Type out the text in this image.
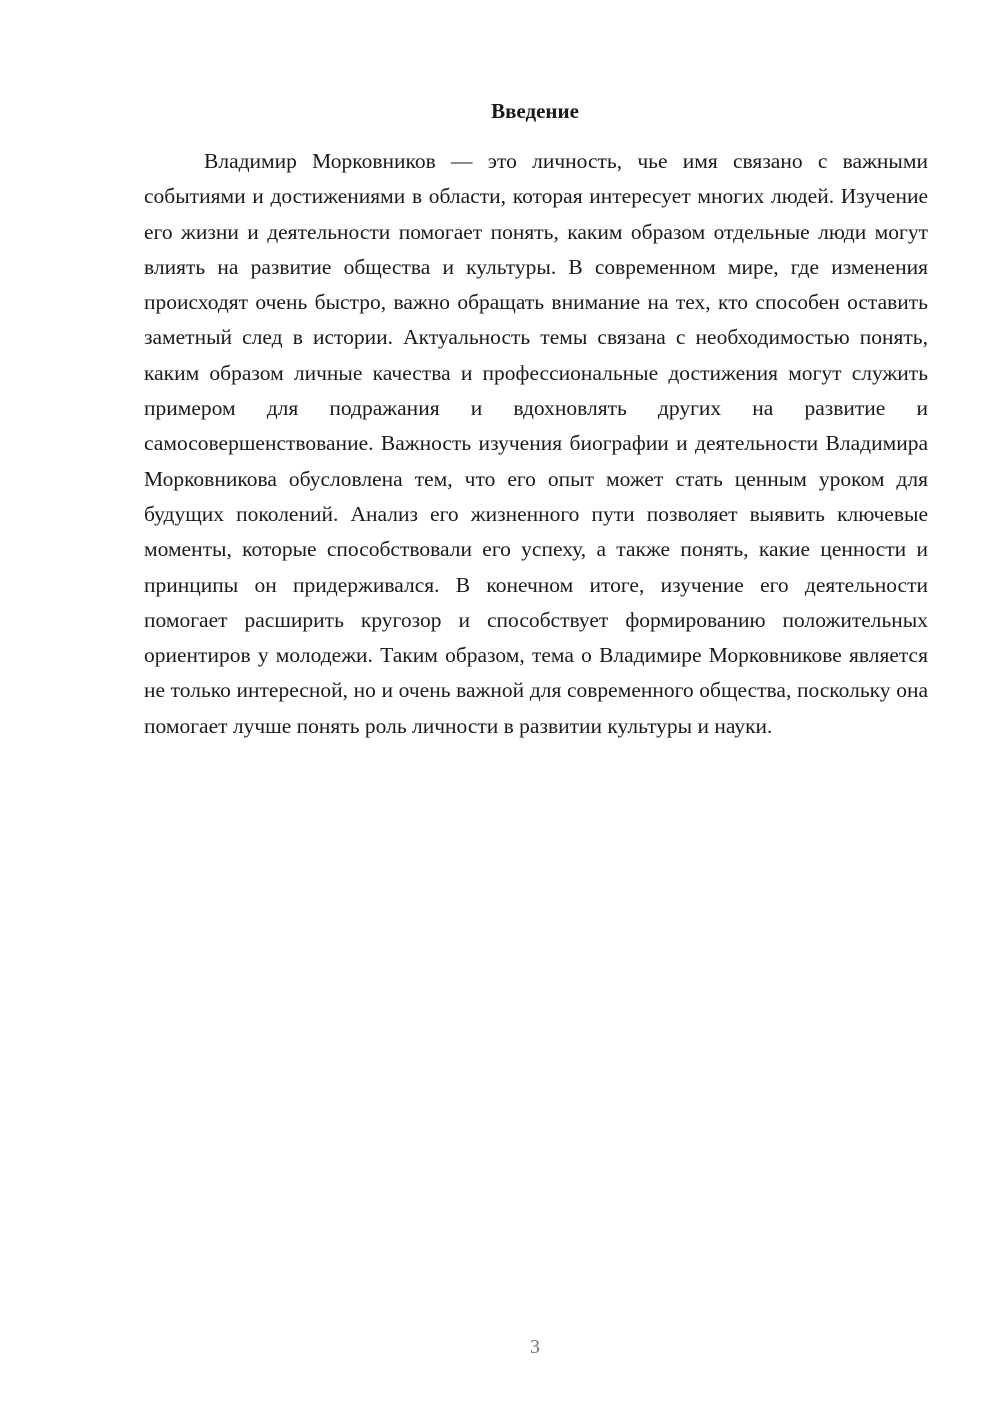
Введение

Владимир Морковников — это личность, чье имя связано с важными событиями и достижениями в области, которая интересует многих людей. Изучение его жизни и деятельности помогает понять, каким образом отдельные люди могут влиять на развитие общества и культуры. В современном мире, где изменения происходят очень быстро, важно обращать внимание на тех, кто способен оставить заметный след в истории. Актуальность темы связана с необходимостью понять, каким образом личные качества и профессиональные достижения могут служить примером для подражания и вдохновлять других на развитие и самосовершенствование. Важность изучения биографии и деятельности Владимира Морковникова обусловлена тем, что его опыт может стать ценным уроком для будущих поколений. Анализ его жизненного пути позволяет выявить ключевые моменты, которые способствовали его успеху, а также понять, какие ценности и принципы он придерживался. В конечном итоге, изучение его деятельности помогает расширить кругозор и способствует формированию положительных ориентиров у молодежи. Таким образом, тема о Владимире Морковникове является не только интересной, но и очень важной для современного общества, поскольку она помогает лучше понять роль личности в развитии культуры и науки.

3
